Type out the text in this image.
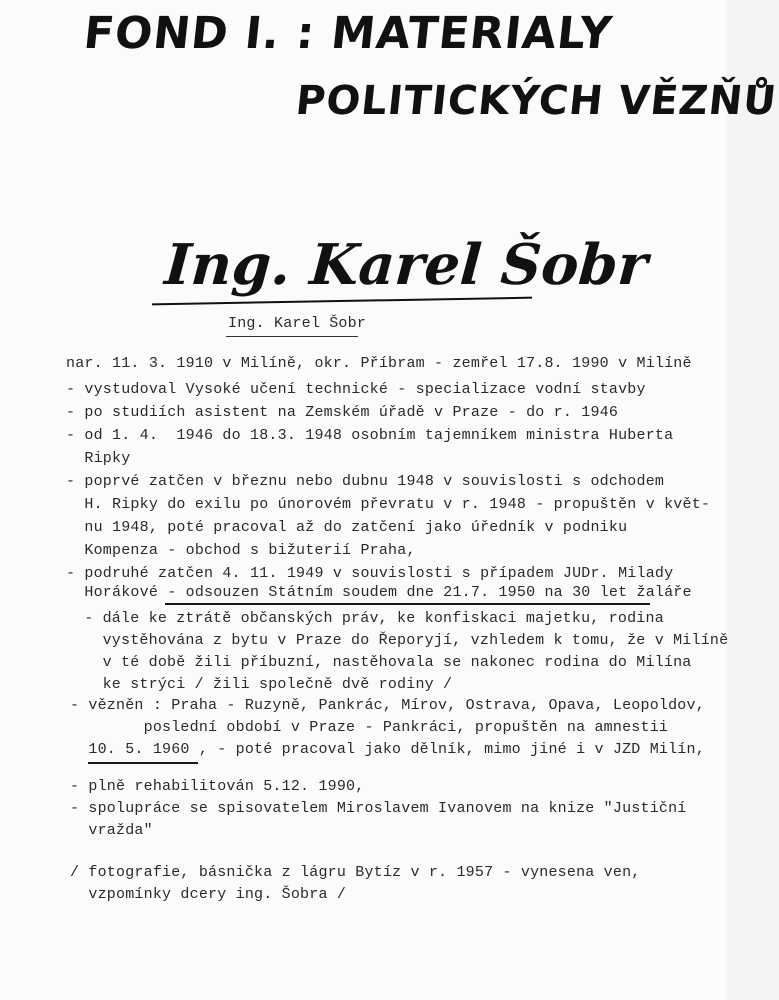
FOND I. : MATERIALY
POLITICKÝCH VĚZŇŮ
Ing. Karel Šobr
Ing. Karel Šobr
nar. 11. 3. 1910 v Milíně, okr. Příbram - zemřel 17.8. 1990 v Milíně
- vystudoval Vysoké učení technické - specializace vodní stavby
- po studiích asistent na Zemském úřadě v Praze - do r. 1946
- od 1. 4.  1946 do 18.3. 1948 osobním tajemníkem ministra Huberta
Ripky
- poprvé zatčen v březnu nebo dubnu 1948 v souvislosti s odchodem
H. Ripky do exilu po únorovém převratu v r. 1948 - propuštěn v květ-
nu 1948, poté pracoval až do zatčení jako úředník v podniku
Kompenza - obchod s bižuterií Praha,
- podruhé zatčen 4. 11. 1949 v souvislosti s případem JUDr. Milady
Horákové - odsouzen Státním soudem dne 21.7. 1950 na 30 let žaláře
- dále ke ztrátě občanských práv, ke konfiskaci majetku, rodina
vystěhována z bytu v Praze do Řeporyjí, vzhledem k tomu, že v Milíně
v té době žili příbuzní, nastěhovala se nakonec rodina do Milína
ke strýci / žili společně dvě rodiny /
- vězněn : Praha - Ruzyně, Pankrác, Mírov, Ostrava, Opava, Leopoldov,
poslední období v Praze - Pankráci, propuštěn na amnestii
10. 5. 1960 , - poté pracoval jako dělník, mimo jiné i v JZD Milín,
- plně rehabilitován 5.12. 1990,
- spolupráce se spisovatelem Miroslavem Ivanovem na knize "Justiční
vražda"
/ fotografie, básnička z lágru Bytíz v r. 1957 - vynesena ven,
vzpomínky dcery ing. Šobra /
